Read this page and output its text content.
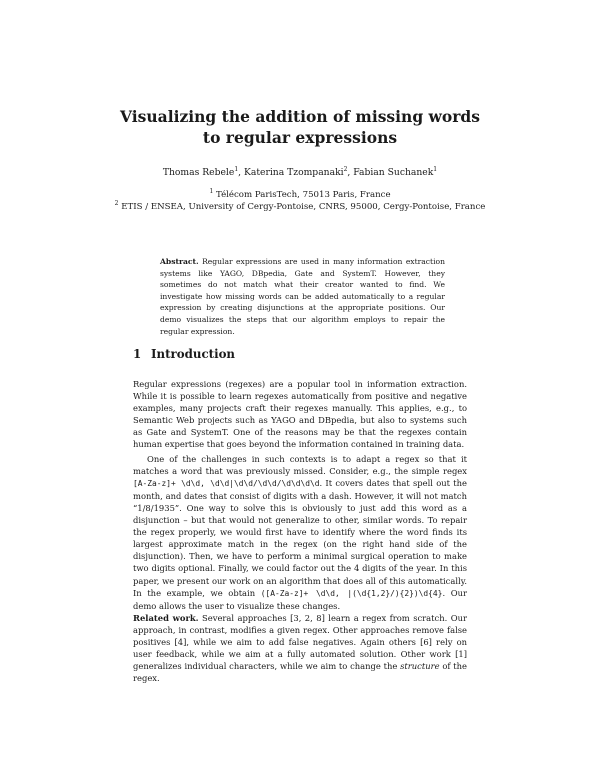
Visualizing the addition of missing words
to regular expressions
Thomas Rebele$^1$, Katerina Tzompanaki$^2$, Fabian Suchanek$^1$
$^1$ Télécom ParisTech, 75013 Paris, France
$^2$ ETIS / ENSEA, University of Cergy-Pontoise, CNRS, 95000, Cergy-Pontoise, France
Abstract. Regular expressions are used in many information extraction systems like YAGO, DBpedia, Gate and SystemT. However, they sometimes do not match what their creator wanted to find. We investigate how missing words can be added automatically to a regular expression by creating disjunctions at the appropriate positions. Our demo visualizes the steps that our algorithm employs to repair the regular expression.
1 Introduction

Regular expressions (regexes) are a popular tool in information extraction. While it is possible to learn regexes automatically from positive and negative examples, many projects craft their regexes manually. This applies, e.g., to Semantic Web projects such as YAGO and DBpedia, but also to systems such as Gate and SystemT. One of the reasons may be that the regexes contain human expertise that goes beyond the information contained in training data.

One of the challenges in such contexts is to adapt a regex so that it matches a word that was previously missed. Consider, e.g., the simple regex [A-Za-z]+ \d\d, \d\d|\d\d/\d\d/\d\d\d\d. It covers dates that spell out the month, and dates that consist of digits with a dash. However, it will not match “1/8/1935”. One way to solve this is obviously to just add this word as a disjunction – but that would not generalize to other, similar words. To repair the regex properly, we would first have to identify where the word finds its largest approximate match in the regex (on the right hand side of the disjunction). Then, we have to perform a minimal surgical operation to make two digits optional. Finally, we could factor out the 4 digits of the year. In this paper, we present our work on an algorithm that does all of this automatically. In the example, we obtain ([A-Za-z]+ \d\d, |(\d{1,2}/){2})\d{4}. Our demo allows the user to visualize these changes.

Related work. Several approaches [3, 2, 8] learn a regex from scratch. Our approach, in contrast, modifies a given regex. Other approaches remove false positives [4], while we aim to add false negatives. Again others [6] rely on user feedback, while we aim at a fully automated solution. Other work [1] generalizes individual characters, while we aim to change the structure of the regex.
